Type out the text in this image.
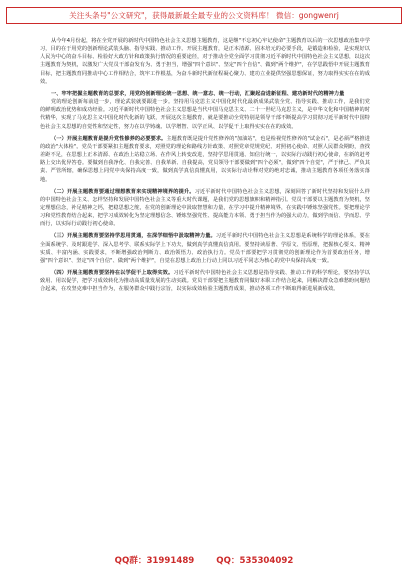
关注头条号"公文研究"，获得最新最全最专业的公文资料库！ 微信：gongwenrj

从今年4月份起，将在全党开展的新时代中国特色社会主义思想主题教育，这是继"不忘初心牢记使命"主题教育以后的一次思想政治集中学习，目的在于用党的创新理论武装头脑、指导实践、推动工作。开展主题教育，是正本清源、固本培元的必要手段，是锻造和检验，是实现好以人民为中心的奋斗目标、检验好大政方针和政策执行情况的重要途径，对于推动全党全面学习贯彻习近平新时代中国特色社会主义思想，以这次主题教育为契机，以激发广大党员干部奋发有为、勇于担当，增强"四个意识"、坚定"四个自信"、做到"两个维护"，在学思践悟中开展主题教育目标，把主题教育同推动中心工作相结合，筑牢工作根基，为奋斗新时代新征程凝心聚力、建功立业提供坚强思想保证，努力取得实实在在的成效。

一、牢牢把握主题教育的总要求，用党的创新理论统一思想、统一意志、统一行动，汇聚起奋进新征程、建功新时代的精神力量

党的理论创新每前进一步，理论武装就要跟进一步。坚持用马克思主义中国化时代化最新成果武装全党、指导实践、推动工作，是我们党的鲜明政治优势和成功经验。习近平新时代中国特色社会主义思想是当代中国马克思主义、二十一世纪马克思主义，是中华文化和中国精神的时代精华，实现了马克思主义中国化时代化新的飞跃，开展这次主题教育，就是要推动全党特别是领导干部不断提高学习贯彻习近平新时代中国特色社会主义思想的自觉性和坚定性，努力在以学铸魂、以学增智、以学正风、以学促干上取得实实在在的成效。

（一）开展主题教育是提升党性修养的必要要求。主题教育既是提升党性修养的"加油站"，也是检视党性修养的"试金石"，是必须严格推进的政治"大体检"。党员干部要紧扣主题教育要求，对照党的理论和路线方针政策、对照党章党规党纪、对照初心使命、对照人民群众期盼，查找差距不足，在思想上正本清源、在政治上站稳立场、在作风上转变改进，坚持学思用贯通、知信行统一，以实际行动践行初心使命，在新的赶考路上交出优异答卷。要做到自我净化、自我完善、自我革新、自我提高，党员领导干部要做到"四个必须"，做到"四个自觉"，严于律己、严负其责、严管所辖，确保思想上同党中央保持高度一致，做到真学真信真懂真用，以实际行动诠释对党的绝对忠诚，推动主题教育各项任务落实落地。

（二）开展主题教育要通过理想教育来实现精神境界的提升。习近平新时代中国特色社会主义思想，深刻回答了新时代坚持和发展什么样的中国特色社会主义、怎样坚持和发展中国特色社会主义等重大时代课题，是我们党的思想旗帜和精神指引。党员干部要以主题教育为契机，坚定理想信念，补足精神之钙，把稳思想之舵，在党的创新理论中汲取智慧和力量，在学习中提升精神境界，在实践中锤炼坚强党性。要把理论学习和党性教育结合起来，把学习成效转化为坚定理想信念、锤炼坚强党性、提高能力本领、勇于担当作为的强大动力，做到学而信、学而思、学而行，以实际行动践行初心使命。

（三）开展主题教育要坚持学思用贯通，在深学细悟中汲取精神力量。习近平新时代中国特色社会主义思想是系统科学的理论体系，要在全面系统学、及时跟进学、深入思考学、联系实际学上下功夫，做到真学真懂真信真用。要坚持读原著、学原文、悟原理，把握核心要义、精神实质、丰富内涵、实践要求，不断增强政治判断力、政治领悟力、政治执行力。党员干部要把学习贯彻党的创新理论作为首要政治任务，增强"四个意识"、坚定"四个自信"、做到"两个维护"，自觉在思想上政治上行动上同以习近平同志为核心的党中央保持高度一致。

（四）开展主题教育要坚持在以学促干上取得实效。习近平新时代中国特色社会主义思想是指导实践、推动工作的科学理论，要坚持学以致用、用以促学，把学习成效转化为推动高质量发展的生动实践。党员干部要把主题教育同做好本职工作结合起来，同解决群众急难愁盼问题结合起来，在攻坚克难中担当作为，在服务群众中践行宗旨，以实际成效检验主题教育成果，推动各项工作不断取得新进展新成效。

QQ群：31991489	QQ：535304092
